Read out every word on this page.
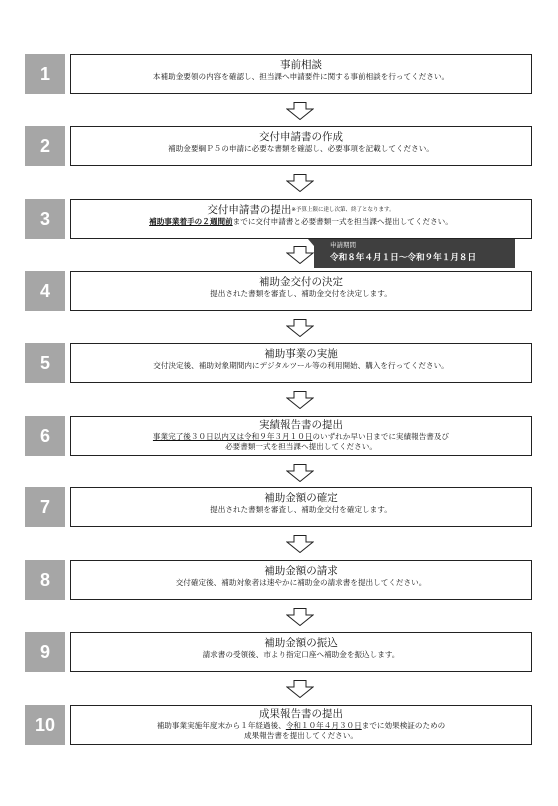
1	事前相談
本補助金要領の内容を確認し、担当課へ申請要件に関する事前相談を行ってください。
2	交付申請書の作成
補助金要綱Ｐ５の申請に必要な書類を確認し、必要事項を記載してください。
3	交付申請書の提出※予算上限に達し次第、終了となります。
補助事業着手の２週間前までに交付申請書と必要書類一式を担当課へ提出してください。
申請期間
令和８年４月１日～令和９年１月８日
4	補助金交付の決定
提出された書類を審査し、補助金交付を決定します。
5	補助事業の実施
交付決定後、補助対象期間内にデジタルツール等の利用開始、購入を行ってください。
6
実績報告書の提出
事業完了後３０日以内又は令和９年３月１０日のいずれか早い日までに実績報告書及び
必要書類一式を担当課へ提出してください。
7	補助金額の確定
提出された書類を審査し、補助金交付を確定します。
8	補助金額の請求
交付確定後、補助対象者は速やかに補助金の請求書を提出してください。
9	補助金額の振込
請求書の受領後、市より指定口座へ補助金を振込します。
10
成果報告書の提出
補助事業実施年度末から１年経過後、令和１０年４月３０日までに効果検証のための
成果報告書を提出してください。
